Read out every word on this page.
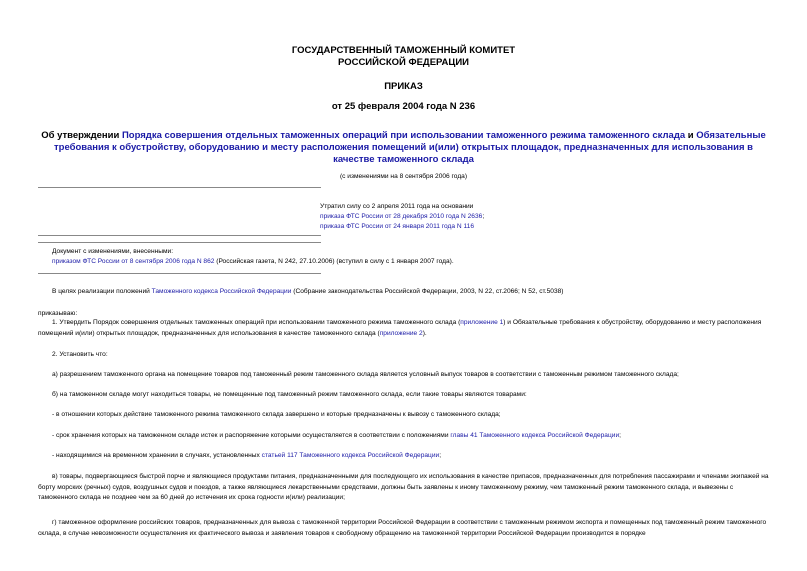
ГОСУДАРСТВЕННЫЙ ТАМОЖЕННЫЙ КОМИТЕТ
РОССИЙСКОЙ ФЕДЕРАЦИИ
ПРИКАЗ
от 25 февраля 2004 года N 236
Об утверждении Порядка совершения отдельных таможенных операций при использовании таможенного режима таможенного склада и Обязательные требования к обустройству, оборудованию и месту расположения помещений и(или) открытых площадок, предназначенных для использования в качестве таможенного склада
(с изменениями на 8 сентября 2006 года)
Утратил силу со 2 апреля 2011 года на основании
приказа ФТС России от 28 декабря 2010 года N 2636;
приказа ФТС России от 24 января 2011 года N 116
Документ с изменениями, внесенными:
приказом ФТС России от 8 сентября 2006 года N 862 (Российская газета, N 242, 27.10.2006) (вступил в силу с 1 января 2007 года).
В целях реализации положений Таможенного кодекса Российской Федерации (Собрание законодательства Российской Федерации, 2003, N 22, ст.2066; N 52, ст.5038)
приказываю:
1. Утвердить Порядок совершения отдельных таможенных операций при использовании таможенного режима таможенного склада (приложение 1) и Обязательные требования к обустройству, оборудованию и месту расположения помещений и(или) открытых площадок, предназначенных для использования в качестве таможенного склада (приложение 2).
2. Установить что:
а) разрешением таможенного органа на помещение товаров под таможенный режим таможенного склада является условный выпуск товаров в соответствии с таможенным режимом таможенного склада;
б) на таможенном складе могут находиться товары, не помещенные под таможенный режим таможенного склада, если такие товары являются товарами:
- в отношении которых действие таможенного режима таможенного склада завершено и которые предназначены к вывозу с таможенного склада;
- срок хранения которых на таможенном складе истек и распоряжение которыми осуществляется в соответствии с положениями главы 41 Таможенного кодекса Российской Федерации;
- находящимися на временном хранении в случаях, установленных статьей 117 Таможенного кодекса Российской Федерации;
в) товары, подвергающиеся быстрой порче и являющиеся продуктами питания, предназначенными для последующего их использования в качестве припасов, предназначенных для потребления пассажирами и членами экипажей на борту морских (речных) судов, воздушных судов и поездов, а также являющиеся лекарственными средствами, должны быть заявлены к иному таможенному режиму, чем таможенный режим таможенного склада, и вывезены с таможенного склада не позднее чем за 60 дней до истечения их срока годности и(или) реализации;
г) таможенное оформление российских товаров, предназначенных для вывоза с таможенной территории Российской Федерации в соответствии с таможенным режимом экспорта и помещенных под таможенный режим таможенного склада, в случае невозможности осуществления их фактического вывоза и заявления товаров к свободному обращению на таможенной территории Российской Федерации производится в порядке
